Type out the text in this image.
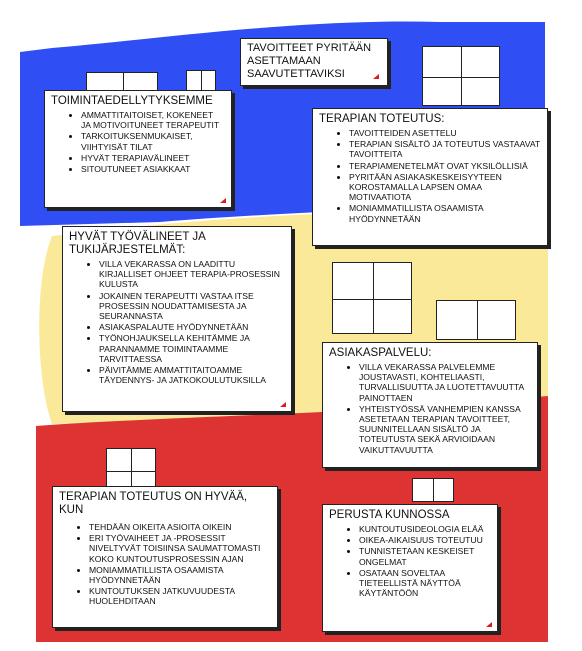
TAVOITTEET PYRITÄÄN
ASETTAMAAN
SAAVUTETTAVIKSI
TOIMINTAEDELLYTYKSEMME
• AMMATTITAITOISET, KOKENEET JA MOTIVOITUNEET TERAPEUTIT
• TARKOITUKSENMUKAISET, VIIHTYISÄT TILAT
• HYVÄT TERAPIAVÄLINEET
• SITOUTUNEET ASIAKKAAT
TERAPIAN TOTEUTUS:
• TAVOITTEIDEN ASETTELU
• TERAPIAN SISÄLTÖ JA TOTEUTUS VASTAAVAT TAVOITTEITA
• TERAPIAMENETELMÄT OVAT YKSILÖLLISIÄ
• PYRITÄÄN ASIAKASKESKEISYYTEEN KOROSTAMALLA LAPSEN OMAA MOTIVAATIOTA
• MONIAMMATILLISTA OSAAMISTA HYÖDYNNETÄÄN
HYVÄT TYÖVÄLINEET JA
TUKIJÄRJESTELMÄT:
• VILLA VEKARASSA ON LAADITTU KIRJALLISET OHJEET TERAPIA-PROSESSIN KULUSTA
• JOKAINEN TERAPEUTTI VASTAA ITSE PROSESSIN NOUDATTAMISESTA JA SEURANNASTA
• ASIAKASPALAUTE HYÖDYNNETÄÄN
• TYÖNOHJAUKSELLA KEHITÄMME JA PARANNAMME TOIMINTAAMME TARVITTAESSA
• PÄIVITÄMME AMMATTITAITOAMME TÄYDENNYS- JA JATKOKOULUTUKSILLA
ASIAKASPALVELU:
• VILLA VEKARASSA PALVELEMME JOUSTAVASTI, KOHTELIAASTI, TURVALLISUUTTA JA LUOTETTAVUUTTA PAINOTTAEN
• YHTEISTYÖSSÄ VANHEMPIEN KANSSA ASETETAAN TERAPIAN TAVOITTEET, SUUNNITELLAAN SISÄLTÖ JA TOTEUTUSTA SEKÄ ARVIOIDAAN VAIKUTTAVUUTTA
TERAPIAN TOTEUTUS ON HYVÄÄ,
KUN
• TEHDÄÄN OIKEITA ASIOITA OIKEIN
• ERI TYÖVAIHEET JA -PROSESSIT NIVELTYVÄT TOISIINSA SAUMATTOMASTI KOKO KUNTOUTUSPROSESSIN AJAN
• MONIAMMATILLISTA OSAAMISTA HYÖDYNNETÄÄN
• KUNTOUTUKSEN JATKUVUUDESTA HUOLEHDITAAN
PERUSTA KUNNOSSA
• KUNTOUTUSIDEOLOGIA ELÄÄ
• OIKEA-AIKAISUUS TOTEUTUU
• TUNNISTETAAN KESKEISET ONGELMAT
• OSATAAN SOVELTAA TIETEELLISTÄ NÄYTTÖÄ KÄYTÄNTÖÖN
